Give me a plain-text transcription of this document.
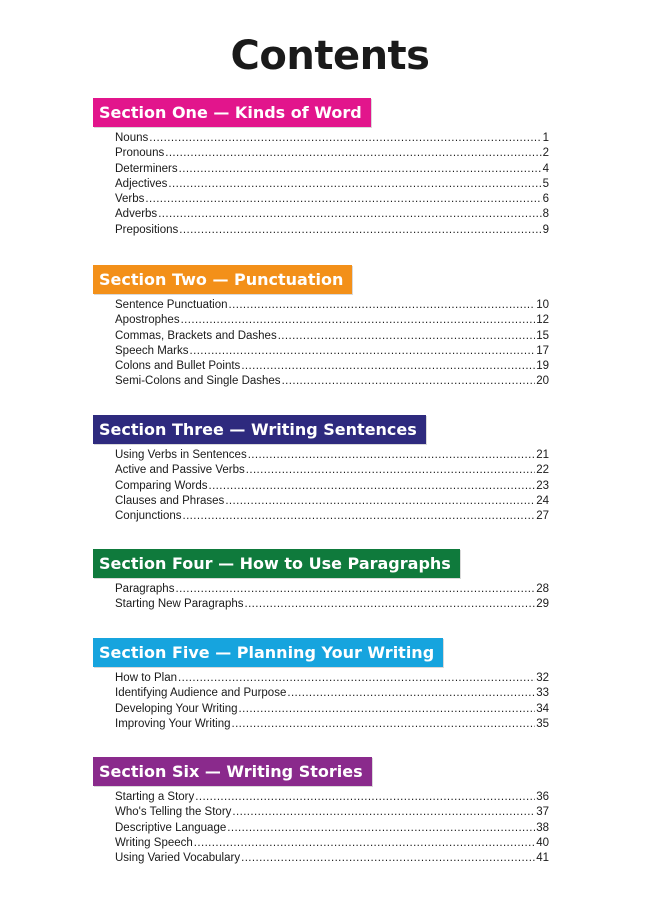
Contents
Section One — Kinds of Word
Nouns .....	1
Pronouns .....	2
Determiners .....	4
Adjectives .....	5
Verbs .....	6
Adverbs .....	8
Prepositions .....	9
Section Two — Punctuation
Sentence Punctuation .....	10
Apostrophes .....	12
Commas, Brackets and Dashes .....	15
Speech Marks .....	17
Colons and Bullet Points .....	19
Semi-Colons and Single Dashes .....	20
Section Three — Writing Sentences
Using Verbs in Sentences .....	21
Active and Passive Verbs .....	22
Comparing Words .....	23
Clauses and Phrases .....	24
Conjunctions .....	27
Section Four — How to Use Paragraphs
Paragraphs .....	28
Starting New Paragraphs .....	29
Section Five — Planning Your Writing
How to Plan .....	32
Identifying Audience and Purpose .....	33
Developing Your Writing .....	34
Improving Your Writing .....	35
Section Six — Writing Stories
Starting a Story .....	36
Who's Telling the Story .....	37
Descriptive Language .....	38
Writing Speech .....	40
Using Varied Vocabulary .....	41
